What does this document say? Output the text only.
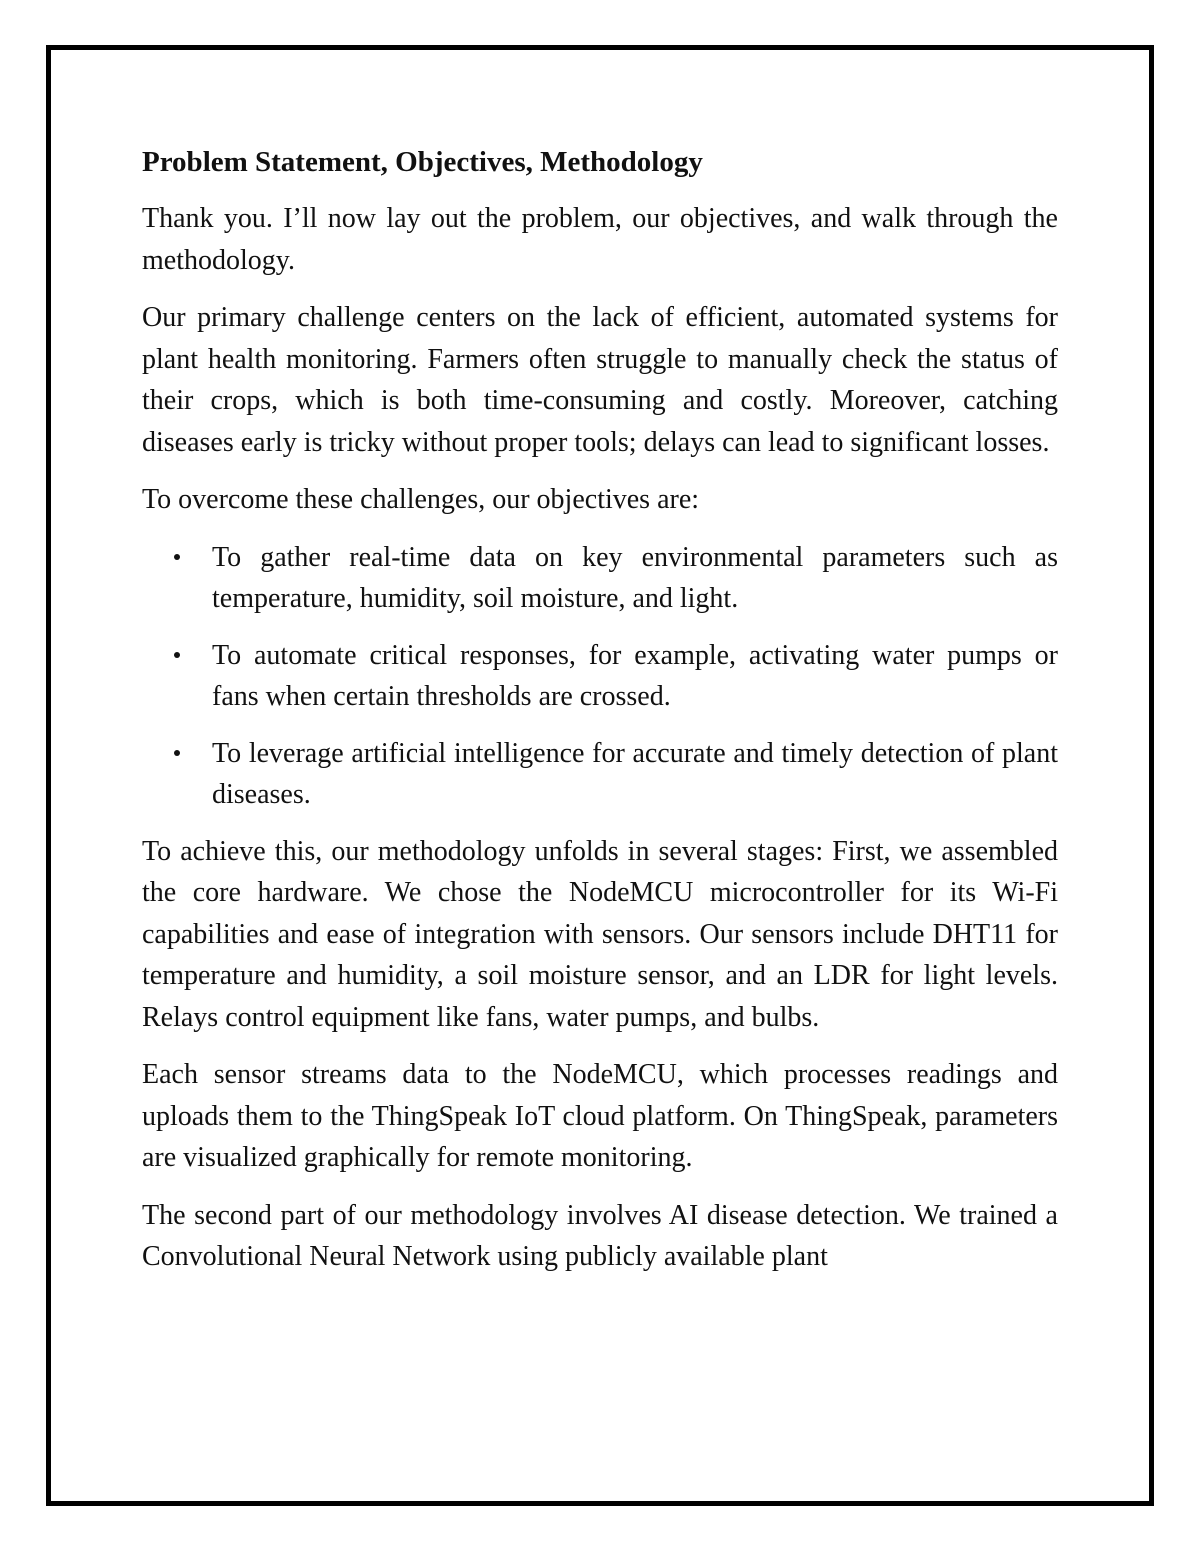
Problem Statement, Objectives, Methodology

Thank you. I’ll now lay out the problem, our objectives, and walk through the methodology.

Our primary challenge centers on the lack of efficient, automated systems for plant health monitoring. Farmers often struggle to manually check the status of their crops, which is both time-consuming and costly. Moreover, catching diseases early is tricky without proper tools; delays can lead to significant losses.

To overcome these challenges, our objectives are:

To gather real-time data on key environmental parameters such as temperature, humidity, soil moisture, and light.
To automate critical responses, for example, activating water pumps or fans when certain thresholds are crossed.
To leverage artificial intelligence for accurate and timely detection of plant diseases.

To achieve this, our methodology unfolds in several stages: First, we assembled the core hardware. We chose the NodeMCU microcontroller for its Wi-Fi capabilities and ease of integration with sensors. Our sensors include DHT11 for temperature and humidity, a soil moisture sensor, and an LDR for light levels. Relays control equipment like fans, water pumps, and bulbs.

Each sensor streams data to the NodeMCU, which processes readings and uploads them to the ThingSpeak IoT cloud platform. On ThingSpeak, parameters are visualized graphically for remote monitoring.

The second part of our methodology involves AI disease detection. We trained a Convolutional Neural Network using publicly available plant
